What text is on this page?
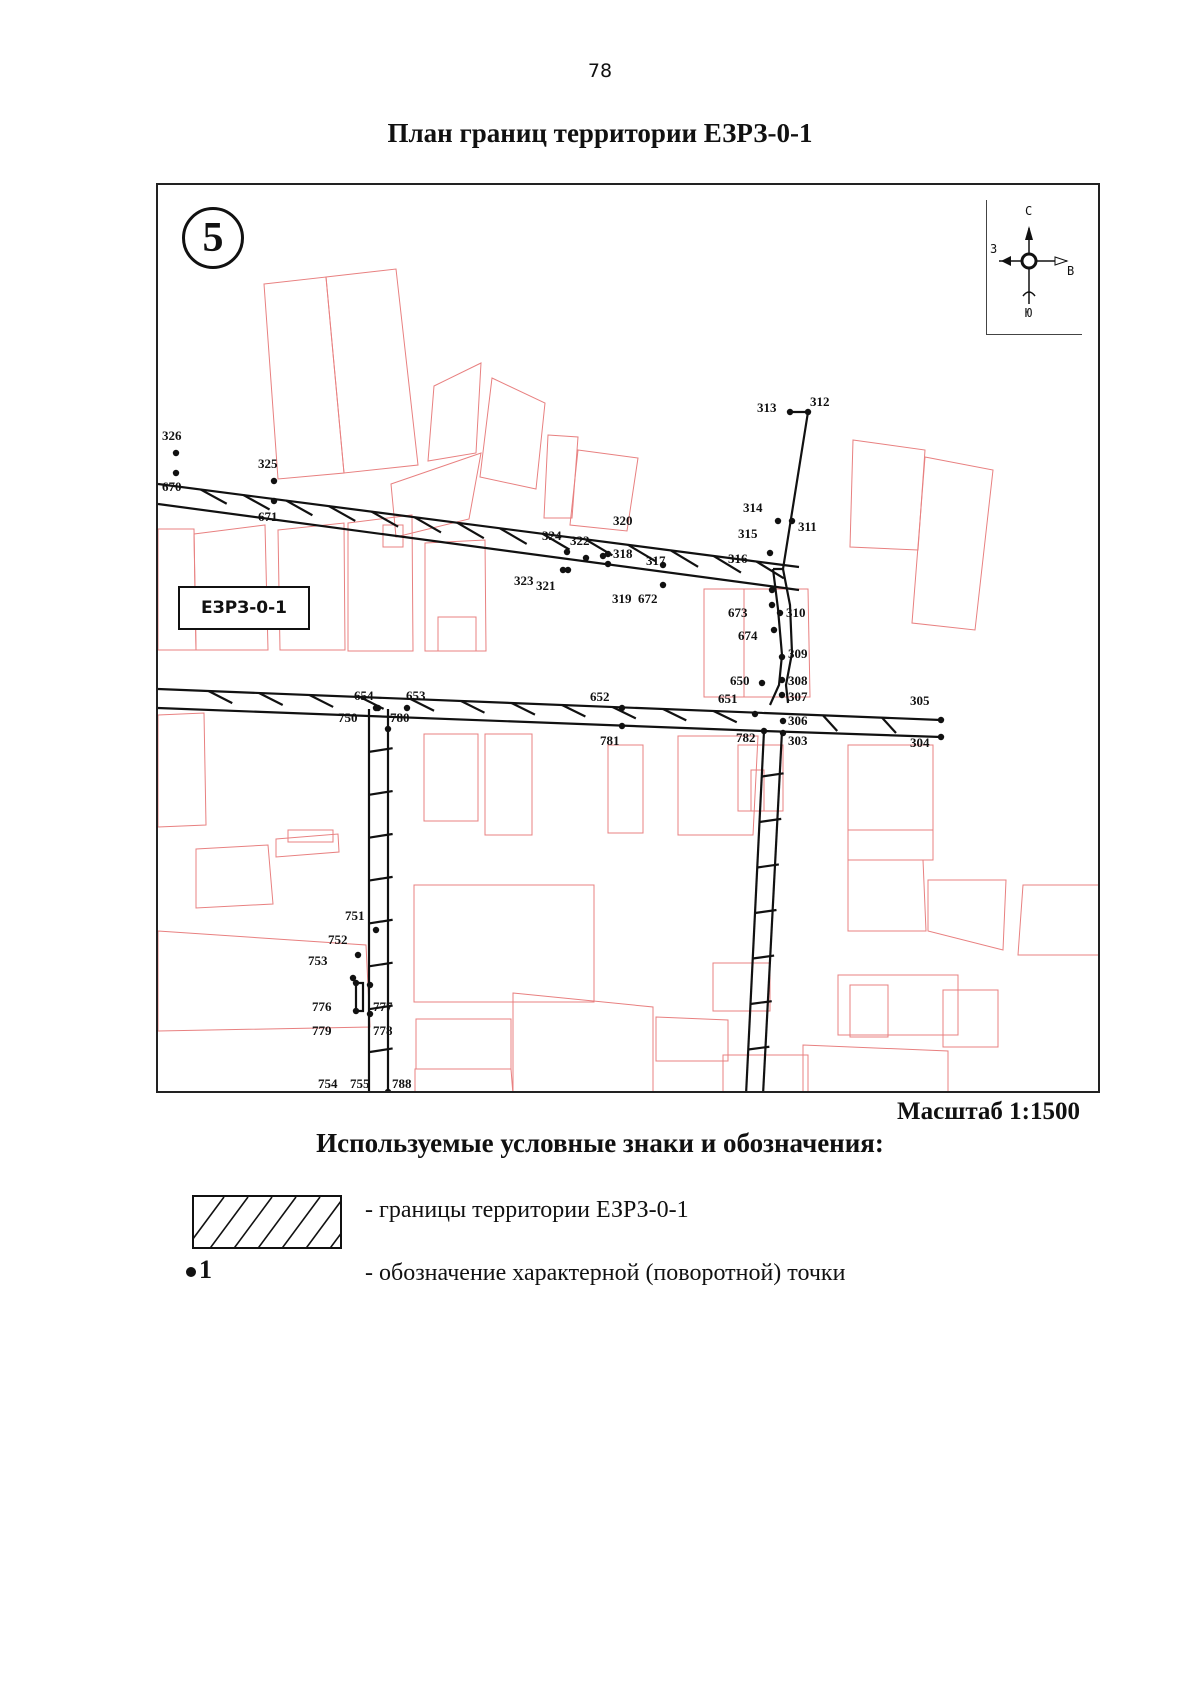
78
План границ территории ЕЗРЗ-0-1
326
670
325
671
324
323 321
322
320
318
319
317
672
313	312
314
311
315
316
673	310
674
309
650	308
307
651
306
303
305
304
652
781	782
654	653
750	780
751
752
753
776	777
779	778
754 755 788
5
ЕЗРЗ-0-1
С
З
В
Ю
Масштаб 1:1500
Используемые условные знаки и обозначения:
- границы территории ЕЗРЗ-0-1
1	- обозначение характерной (поворотной) точки
